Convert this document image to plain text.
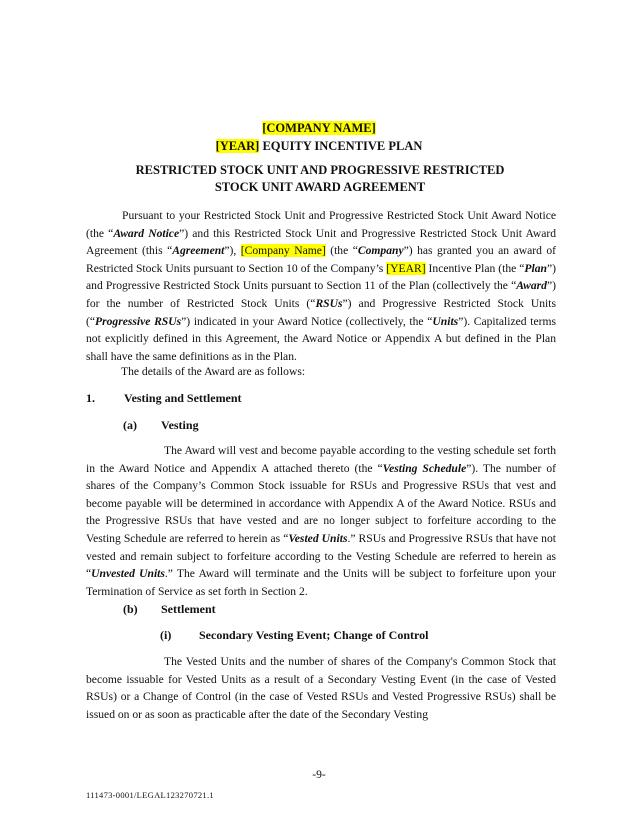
[COMPANY NAME]
[YEAR] EQUITY INCENTIVE PLAN
RESTRICTED STOCK UNIT AND PROGRESSIVE RESTRICTED
STOCK UNIT AWARD AGREEMENT
Pursuant to your Restricted Stock Unit and Progressive Restricted Stock Unit Award Notice (the “Award Notice”) and this Restricted Stock Unit and Progressive Restricted Stock Unit Award Agreement (this “Agreement”), [Company Name] (the “Company”) has granted you an award of Restricted Stock Units pursuant to Section 10 of the Company’s [YEAR] Incentive Plan (the “Plan”) and Progressive Restricted Stock Units pursuant to Section 11 of the Plan (collectively the “Award”) for the number of Restricted Stock Units (“RSUs”) and Progressive Restricted Stock Units (“Progressive RSUs”) indicated in your Award Notice (collectively, the “Units”). Capitalized terms not explicitly defined in this Agreement, the Award Notice or Appendix A but defined in the Plan shall have the same definitions as in the Plan.
The details of the Award are as follows:
1. Vesting and Settlement
(a) Vesting
The Award will vest and become payable according to the vesting schedule set forth in the Award Notice and Appendix A attached thereto (the “Vesting Schedule”). The number of shares of the Company’s Common Stock issuable for RSUs and Progressive RSUs that vest and become payable will be determined in accordance with Appendix A of the Award Notice. RSUs and the Progressive RSUs that have vested and are no longer subject to forfeiture according to the Vesting Schedule are referred to herein as “Vested Units.” RSUs and Progressive RSUs that have not vested and remain subject to forfeiture according to the Vesting Schedule are referred to herein as “Unvested Units.” The Award will terminate and the Units will be subject to forfeiture upon your Termination of Service as set forth in Section 2.
(b) Settlement
(i) Secondary Vesting Event; Change of Control
The Vested Units and the number of shares of the Company's Common Stock that become issuable for Vested Units as a result of a Secondary Vesting Event (in the case of Vested RSUs) or a Change of Control (in the case of Vested RSUs and Vested Progressive RSUs) shall be issued on or as soon as practicable after the date of the Secondary Vesting
-9-
111473-0001/LEGAL123270721.1
